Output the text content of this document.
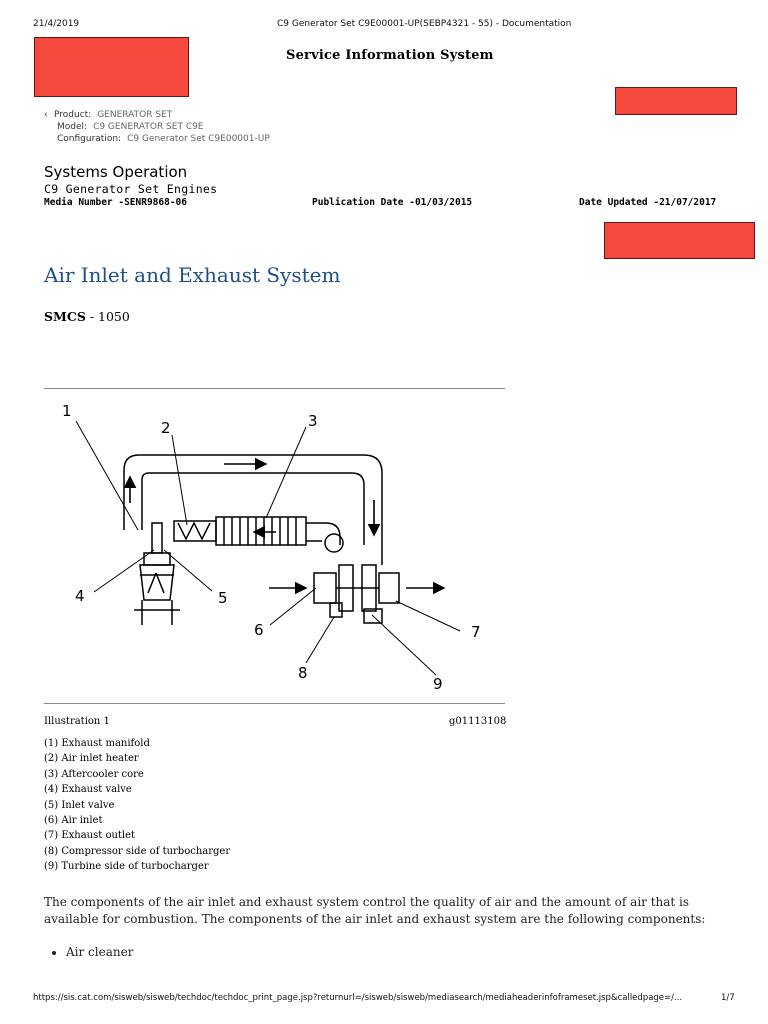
21/4/2019	C9 Generator Set C9E00001-UP(SEBP4321 - 55) - Documentation
Service Information System
‹ Product: GENERATOR SET
Model: C9 GENERATOR SET C9E
Configuration: C9 Generator Set C9E00001-UP
Systems Operation
C9 Generator Set Engines
Media Number -SENR9868-06	Publication Date -01/03/2015	Date Updated -21/07/2017
Air Inlet and Exhaust System
SMCS - 1050
1
2	3
4	5
6	7
8
9
Illustration 1	g01113108
(1) Exhaust manifold
(2) Air inlet heater
(3) Aftercooler core
(4) Exhaust valve
(5) Inlet valve
(6) Air inlet
(7) Exhaust outlet
(8) Compressor side of turbocharger
(9) Turbine side of turbocharger
The components of the air inlet and exhaust system control the quality of air and the amount of air that is available for combustion. The components of the air inlet and exhaust system are the following components:
• Air cleaner
https://sis.cat.com/sisweb/sisweb/techdoc/techdoc_print_page.jsp?returnurl=/sisweb/sisweb/mediasearch/mediaheaderinfoframeset.jsp&calledpage=/...	1/7
